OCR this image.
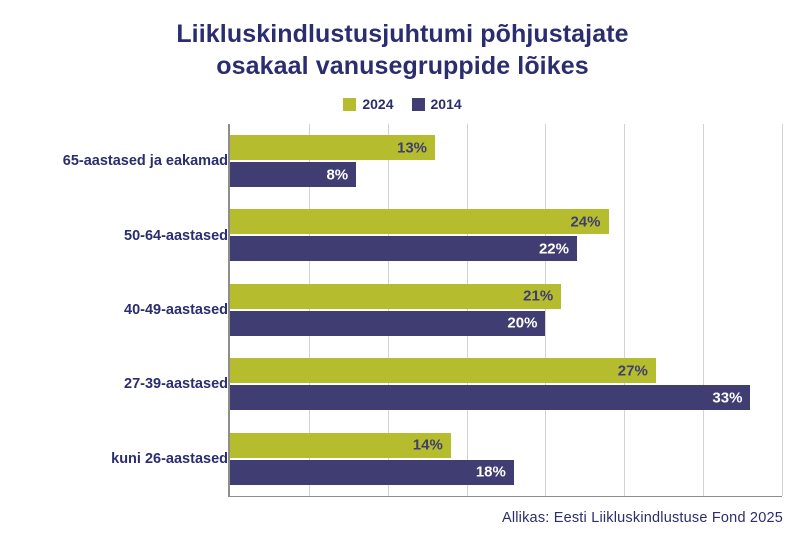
Liikluskindlustusjuhtumi põhjustajate
osakaal vanusegruppide lõikes
2024	2014
65-aastased ja eakamad
50-64-aastased
40-49-aastased
27-39-aastased
kuni 26-aastased
13%
8%
24%
22%
21%
20%
27%
33%
14%
18%
Allikas: Eesti Liikluskindlustuse Fond 2025
